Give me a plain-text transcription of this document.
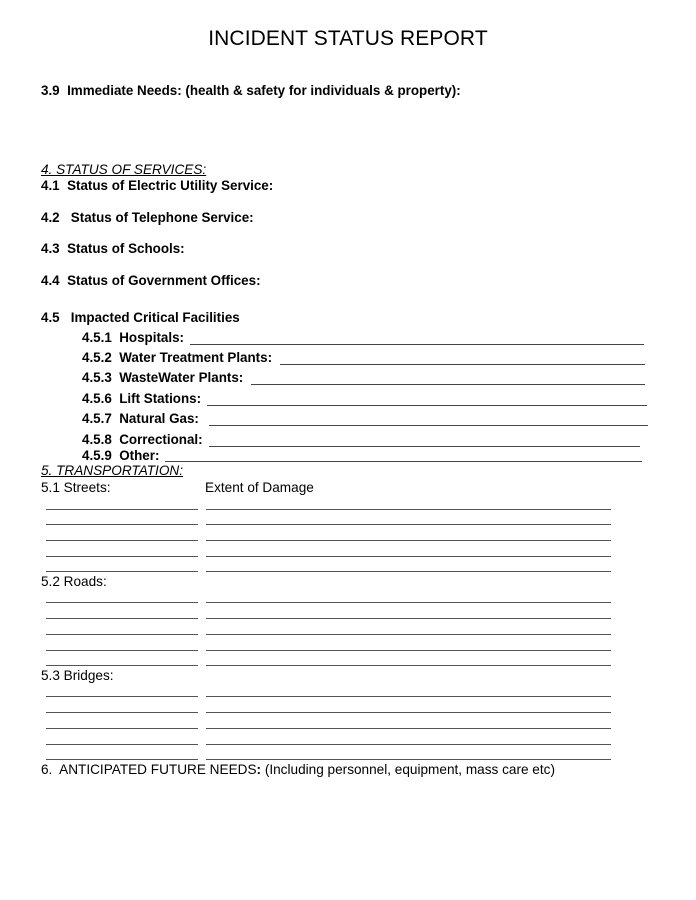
INCIDENT STATUS REPORT
3.9 Immediate Needs: (health & safety for individuals & property):
4. STATUS OF SERVICES:
4.1 Status of Electric Utility Service:
4.2 Status of Telephone Service:
4.3 Status of Schools:
4.4 Status of Government Offices:
4.5 Impacted Critical Facilities
4.5.1 Hospitals:
4.5.2 Water Treatment Plants:
4.5.3 WasteWater Plants:
4.5.6 Lift Stations:
4.5.7 Natural Gas:
4.5.8 Correctional:
4.5.9 Other:
5. TRANSPORTATION:
5.1 Streets:	Extent of Damage
5.2 Roads:
5.3 Bridges:
6.  ANTICIPATED FUTURE NEEDS: (Including personnel, equipment, mass care etc)
